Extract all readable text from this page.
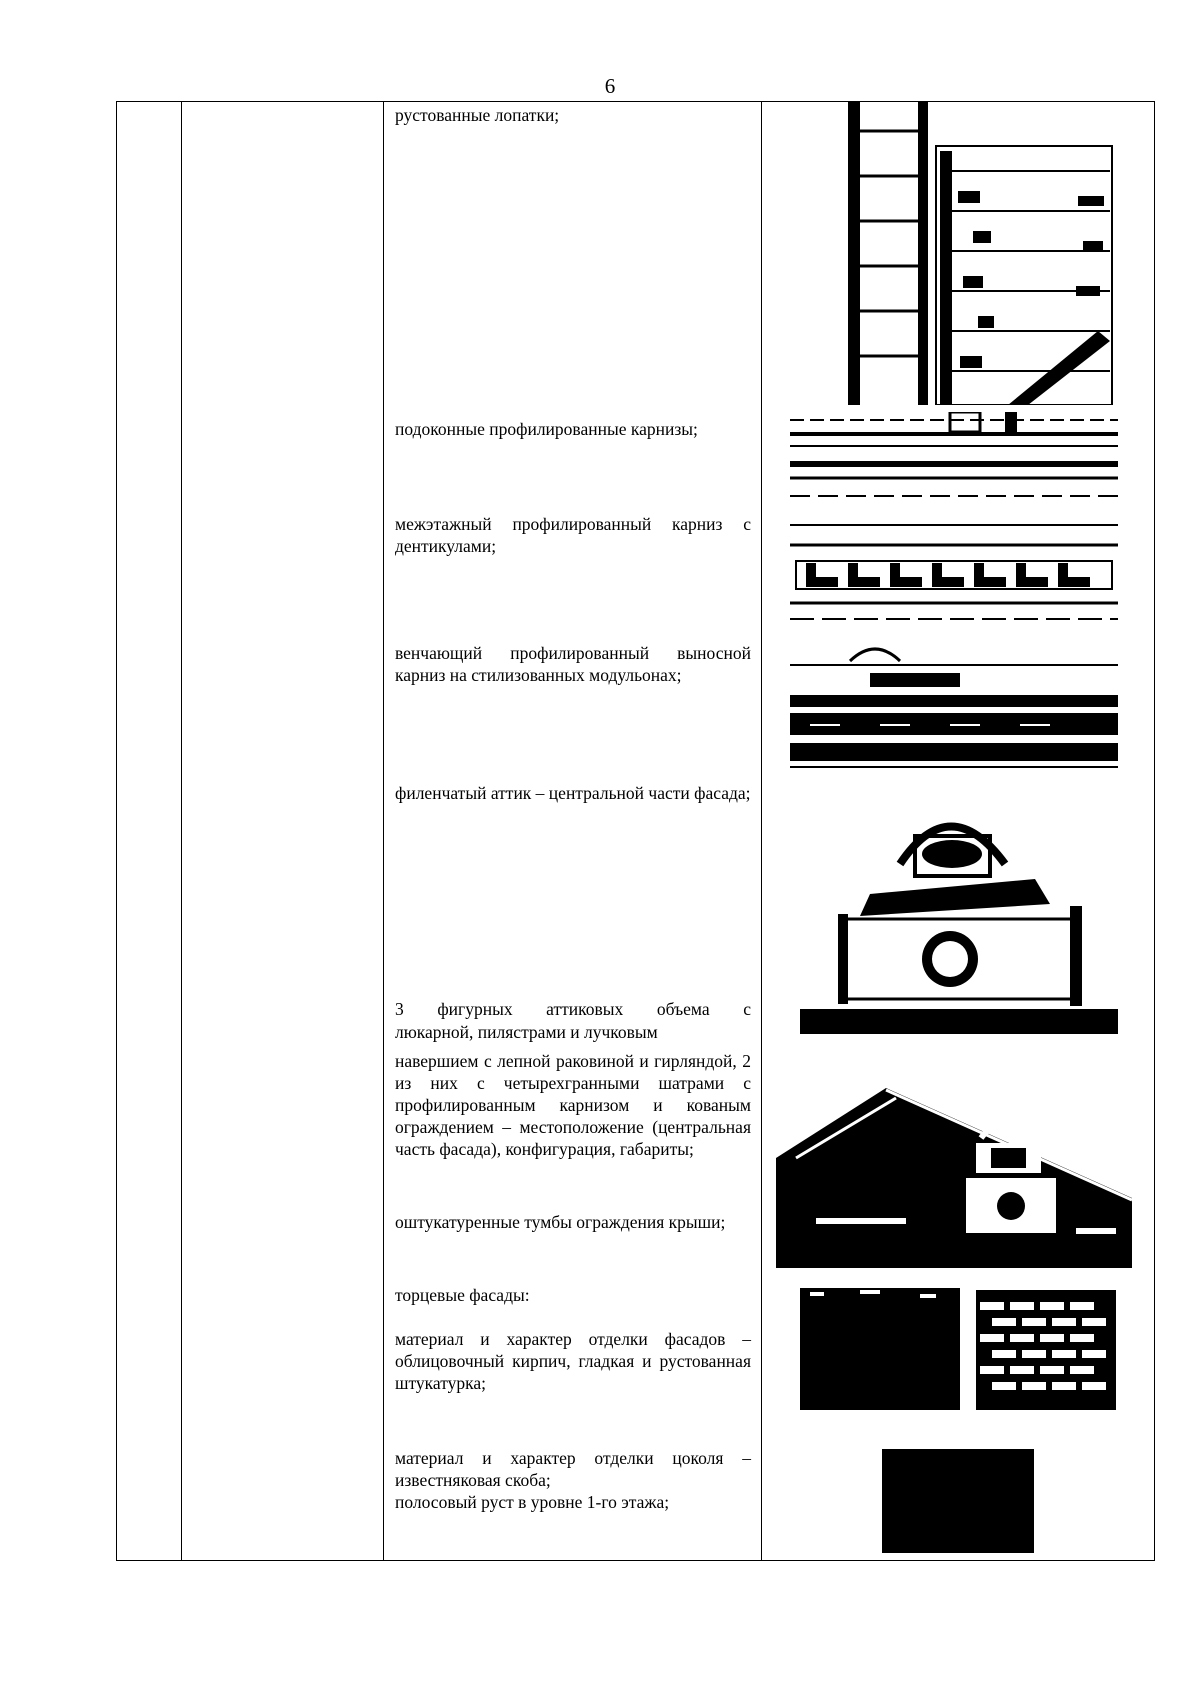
6
рустованные лопатки;
подоконные профилированные карнизы;
межэтажный профилированный карниз с дентикулами;
венчающий профилированный выносной карниз на стилизованных модульонах;
филенчатый аттик – центральной части фасада;
3 фигурных аттиковых объема с
люкарной, пилястрами и лучковым
навершием с лепной раковиной и гирляндой, 2 из них с четырехгранными шатрами с профилированным карнизом и кованым ограждением – местоположение (центральная часть фасада), конфигурация, габариты;
оштукатуренные тумбы ограждения крыши;
торцевые фасады:
материал и характер отделки фасадов – облицовочный кирпич, гладкая и рустованная штукатурка;
материал и характер отделки цоколя – известняковая скоба;
полосовый руст в уровне 1-го этажа;
